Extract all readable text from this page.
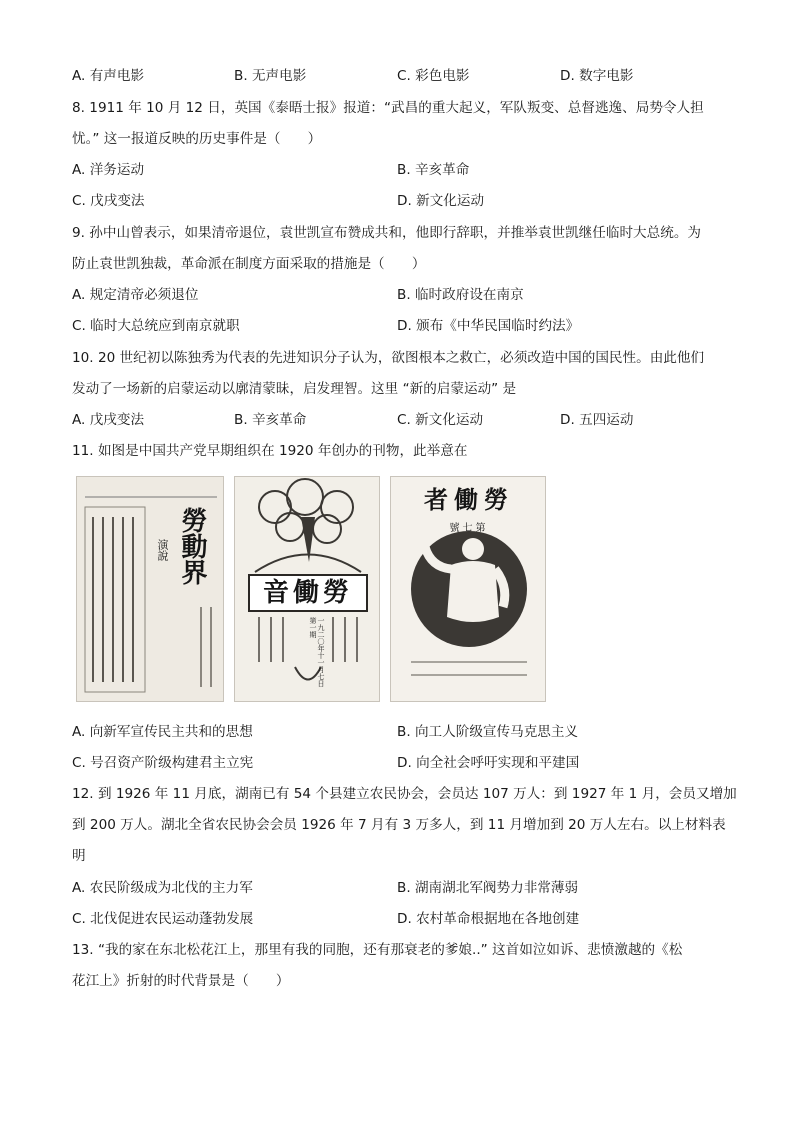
A. 有声电影	B. 无声电影	C. 彩色电影	D. 数字电影
8. 1911 年 10 月 12 日，英国《泰晤士报》报道：“武昌的重大起义，军队叛变、总督逃逸、局势令人担
忧。” 这一报道反映的历史事件是（　　）
A. 洋务运动	B. 辛亥革命
C. 戊戌变法	D. 新文化运动
9. 孙中山曾表示，如果清帝退位，袁世凯宣布赞成共和，他即行辞职，并推举袁世凯继任临时大总统。为
防止袁世凯独裁，革命派在制度方面采取的措施是（　　）
A. 规定清帝必须退位	B. 临时政府设在南京
C. 临时大总统应到南京就职	D. 颁布《中华民国临时约法》
10. 20 世纪初以陈独秀为代表的先进知识分子认为，欲图根本之救亡，必须改造中国的国民性。由此他们
发动了一场新的启蒙运动以廓清蒙昧，启发理智。这里 “新的启蒙运动” 是
A. 戊戌变法	B. 辛亥革命	C. 新文化运动	D. 五四运动
11. 如图是中国共产党早期组织在 1920 年创办的刊物，此举意在
勞動界
演說
勞働音
一九二〇年十一月七日第一期
勞働者
第七號
A. 向新军宣传民主共和的思想	B. 向工人阶级宣传马克思主义
C. 号召资产阶级构建君主立宪	D. 向全社会呼吁实现和平建国
12. 到 1926 年 11 月底，湖南已有 54 个县建立农民协会，会员达 107 万人：到 1927 年 1 月，会员又增加
到 200 万人。湖北全省农民协会会员 1926 年 7 月有 3 万多人，到 11 月增加到 20 万人左右。以上材料表
明
A. 农民阶级成为北伐的主力军	B. 湖南湖北军阀势力非常薄弱
C. 北伐促进农民运动蓬勃发展	D. 农村革命根据地在各地创建
13. “我的家在东北松花江上，那里有我的同胞，还有那衰老的爹娘..” 这首如泣如诉、悲愤激越的《松
花江上》折射的时代背景是（　　）
